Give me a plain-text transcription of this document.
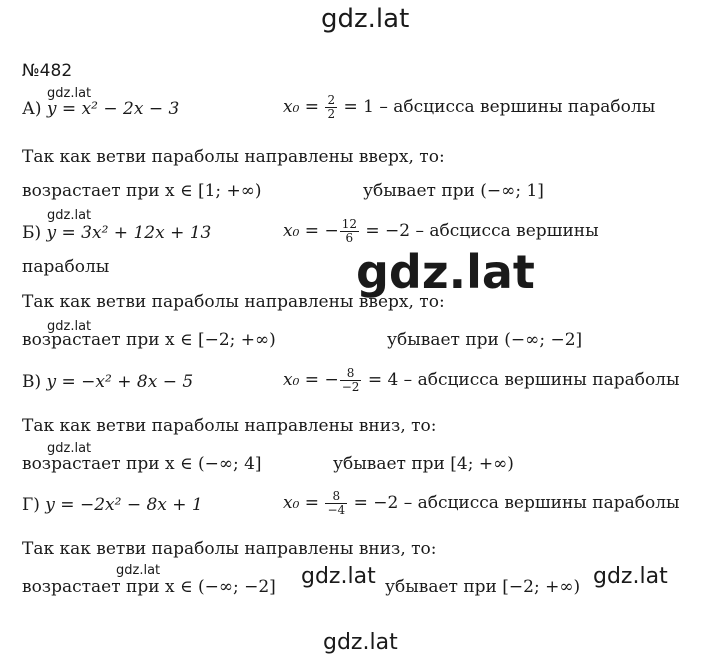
gdz.lat
gdz.lat
gdz.lat
gdz.lat
gdz.lat
gdz.lat
gdz.lat	gdz.lat	gdz.lat
gdz.lat
№482
А) y = x² − 2x − 3	$x_0 = \frac{2}{2} = 1$ – абсцисса вершины параболы
Так как ветви параболы направлены вверх, то:
возрастает при x ∈ [1; +∞)	убывает при (−∞; 1]
Б) y = 3x² + 12x + 13	x₀ = − $\frac{12}{6} = -2$ – абсцисса вершины
параболы
Так как ветви параболы направлены вверх, то:
возрастает при x ∈ [−2; +∞)	убывает при (−∞; −2]
В) y = −x² + 8x − 5	x₀ = − $\frac{8}{-2} = 4$ – абсцисса вершины параболы
Так как ветви параболы направлены вниз, то:
возрастает при x ∈ (−∞; 4]	убывает при [4; +∞)
Г) y = −2x² − 8x + 1	$x_0 = \frac{8}{-4} = -2$ – абсцисса вершины параболы
Так как ветви параболы направлены вниз, то:
возрастает при x ∈ (−∞; −2]	убывает при [−2; +∞)
